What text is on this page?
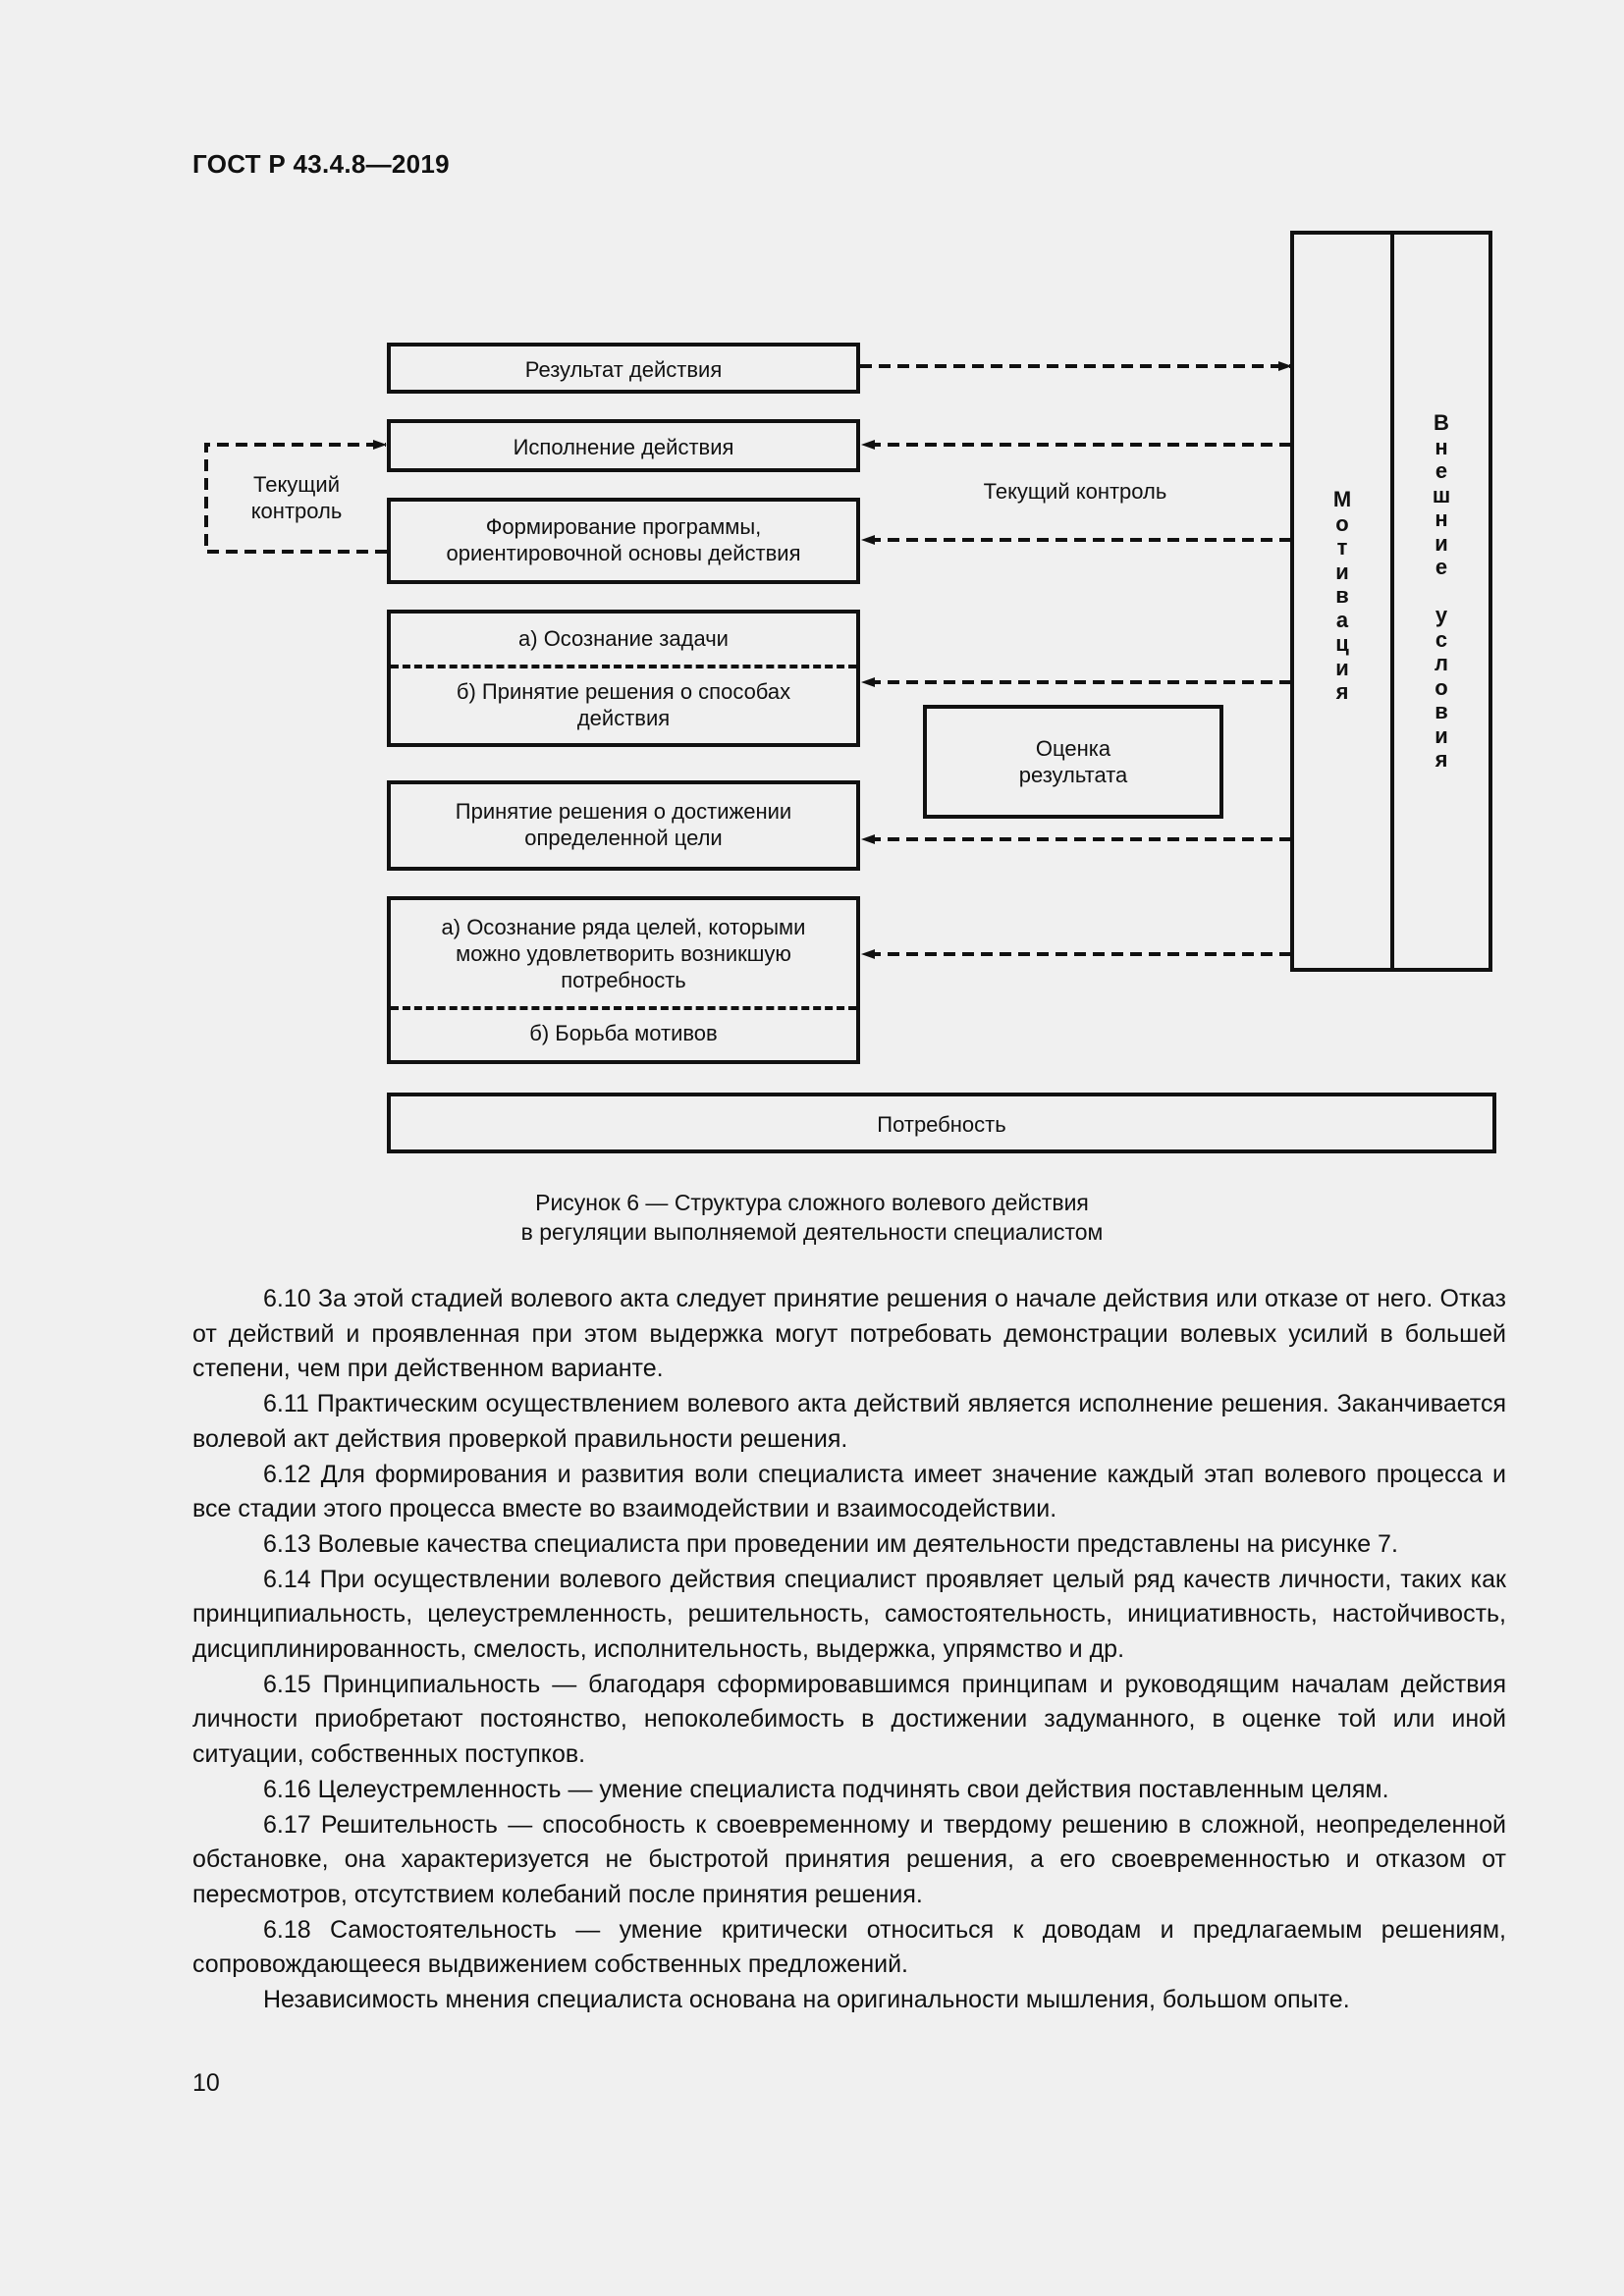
ГОСТ Р 43.4.8—2019
Результат действия
Исполнение действия
Формирование программы,
ориентировочной основы действия
а) Осознание задачи
б) Принятие решения о способах
действия
Принятие решения о достижении
определенной цели
а) Осознание ряда целей, которыми
можно удовлетворить возникшую
потребность
б) Борьба мотивов
Потребность
Оценка
результата
Текущий
контроль
Текущий контроль	М
о
т
и
в
а
ц
и
я
В
н
е
ш
н
и
е
у
с
л
о
в
и
я
Рисунок 6 — Структура сложного волевого действия
в регуляции выполняемой деятельности специалистом

6.10 За этой стадией волевого акта следует принятие решения о начале действия или отказе от него. Отказ от действий и проявленная при этом выдержка могут потребовать демонстрации волевых усилий в большей степени, чем при действенном варианте.

6.11 Практическим осуществлением волевого акта действий является исполнение решения. Заканчивается волевой акт действия проверкой правильности решения.

6.12 Для формирования и развития воли специалиста имеет значение каждый этап волевого процесса и все стадии этого процесса вместе во взаимодействии и взаимосодействии.

6.13 Волевые качества специалиста при проведении им деятельности представлены на рисунке 7.

6.14 При осуществлении волевого действия специалист проявляет целый ряд качеств личности, таких как принципиальность, целеустремленность, решительность, самостоятельность, инициативность, настойчивость, дисциплинированность, смелость, исполнительность, выдержка, упрямство и др.

6.15 Принципиальность — благодаря сформировавшимся принципам и руководящим началам действия личности приобретают постоянство, непоколебимость в достижении задуманного, в оценке той или иной ситуации, собственных поступков.

6.16 Целеустремленность — умение специалиста подчинять свои действия поставленным целям.

6.17 Решительность — способность к своевременному и твердому решению в сложной, неопределенной обстановке, она характеризуется не быстротой принятия решения, а его своевременностью и отказом от пересмотров, отсутствием колебаний после принятия решения.

6.18 Самостоятельность — умение критически относиться к доводам и предлагаемым решениям, сопровождающееся выдвижением собственных предложений.

Независимость мнения специалиста основана на оригинальности мышления, большом опыте.

10
